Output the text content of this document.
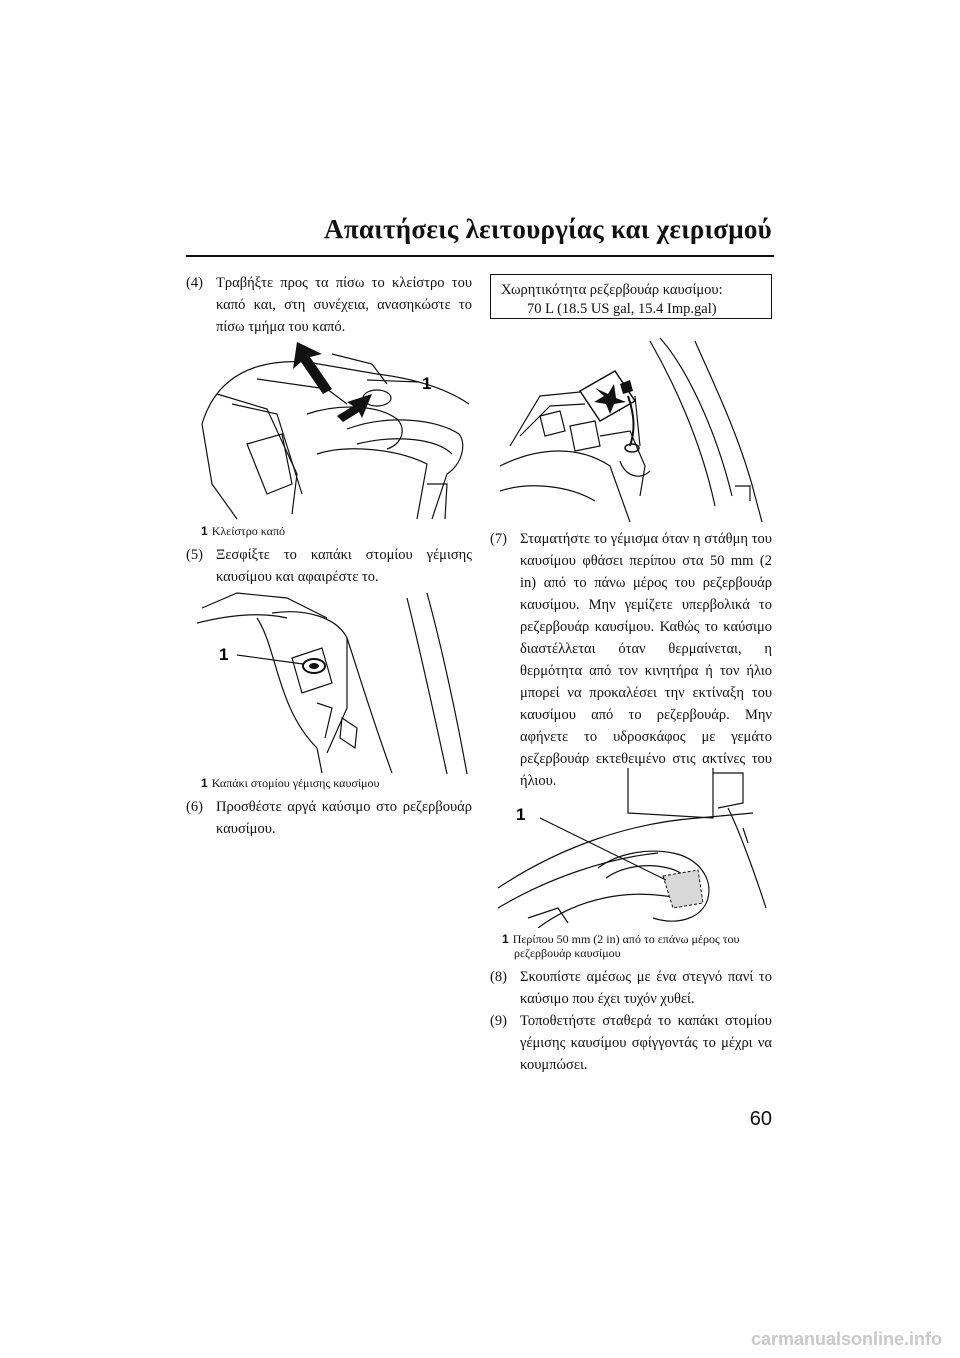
Απαιτήσεις λειτουργίας και χειρισμού
(4) Τραβήξτε προς τα πίσω το κλείστρο του καπό και, στη συνέχεια, ανασηκώστε το πίσω τμήμα του καπό.
1
1 Κλείστρο καπό
(5) Ξεσφίξτε το καπάκι στομίου γέμισης καυσίμου και αφαιρέστε το.
1
1 Καπάκι στομίου γέμισης καυσίμου
(6) Προσθέστε αργά καύσιμο στο ρεζερβουάρ καυσίμου.
Χωρητικότητα ρεζερβουάρ καυσίμου:
70 L (18.5 US gal, 15.4 Imp.gal)
(7) Σταματήστε το γέμισμα όταν η στάθμη του καυσίμου φθάσει περίπου στα 50 mm (2 in) από το πάνω μέρος του ρεζερβουάρ καυσίμου. Μην γεμίζετε υπερβολικά το ρεζερβουάρ καυσίμου. Καθώς το καύσιμο διαστέλλεται όταν θερμαίνεται, η θερμότητα από τον κινητήρα ή τον ήλιο μπορεί να προκαλέσει την εκτίναξη του καυσίμου από το ρεζερβουάρ. Μην αφήνετε το υδροσκάφος με γεμάτο ρεζερβουάρ εκτεθειμένο στις ακτίνες του ήλιου.
1
1 Περίπου 50 mm (2 in) από το επάνω μέρος του
ρεζερβουάρ καυσίμου
(8) Σκουπίστε αμέσως με ένα στεγνό πανί το καύσιμο που έχει τυχόν χυθεί.
(9) Τοποθετήστε σταθερά το καπάκι στομίου γέμισης καυσίμου σφίγγοντάς το μέχρι να κουμπώσει.
60
carmanualsonline.info
